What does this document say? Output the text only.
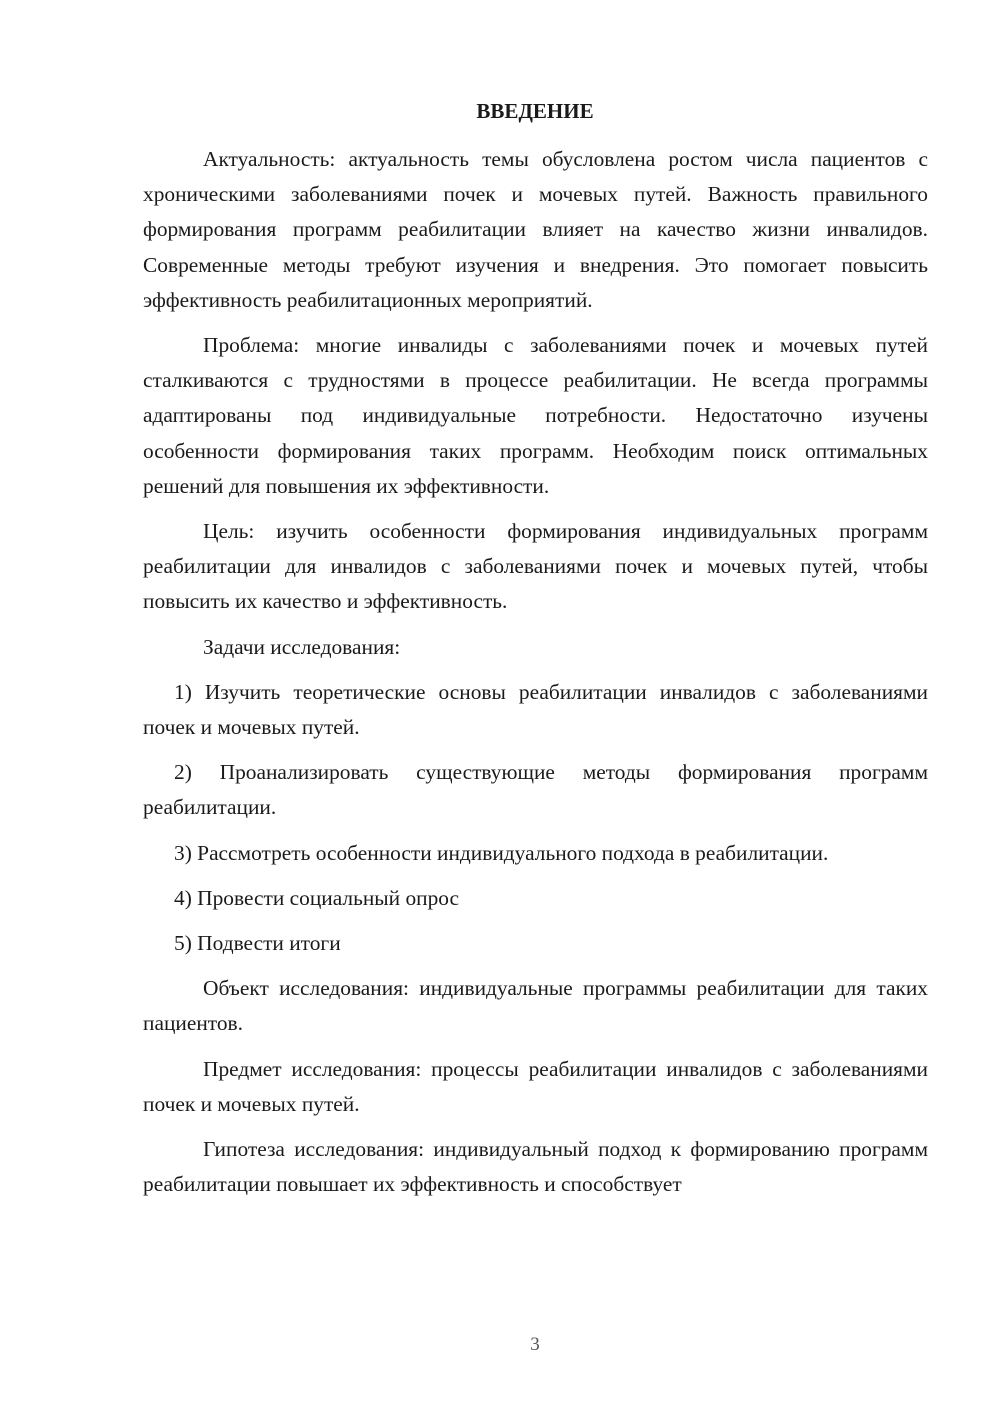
ВВЕДЕНИЕ

Актуальность: актуальность темы обусловлена ростом числа пациентов с хроническими заболеваниями почек и мочевых путей. Важность правильного формирования программ реабилитации влияет на качество жизни инвалидов. Современные методы требуют изучения и внедрения. Это помогает повысить эффективность реабилитационных мероприятий.

Проблема: многие инвалиды с заболеваниями почек и мочевых путей сталкиваются с трудностями в процессе реабилитации. Не всегда программы адаптированы под индивидуальные потребности. Недостаточно изучены особенности формирования таких программ. Необходим поиск оптимальных решений для повышения их эффективности.

Цель: изучить особенности формирования индивидуальных программ реабилитации для инвалидов с заболеваниями почек и мочевых путей, чтобы повысить их качество и эффективность.

Задачи исследования:

1) Изучить теоретические основы реабилитации инвалидов с заболеваниями почек и мочевых путей.

2) Проанализировать существующие методы формирования программ реабилитации.

3) Рассмотреть особенности индивидуального подхода в реабилитации.

4) Провести социальный опрос

5) Подвести итоги

Объект исследования: индивидуальные программы реабилитации для таких пациентов.

Предмет исследования: процессы реабилитации инвалидов с заболеваниями почек и мочевых путей.

Гипотеза исследования: индивидуальный подход к формированию программ реабилитации повышает их эффективность и способствует

3
